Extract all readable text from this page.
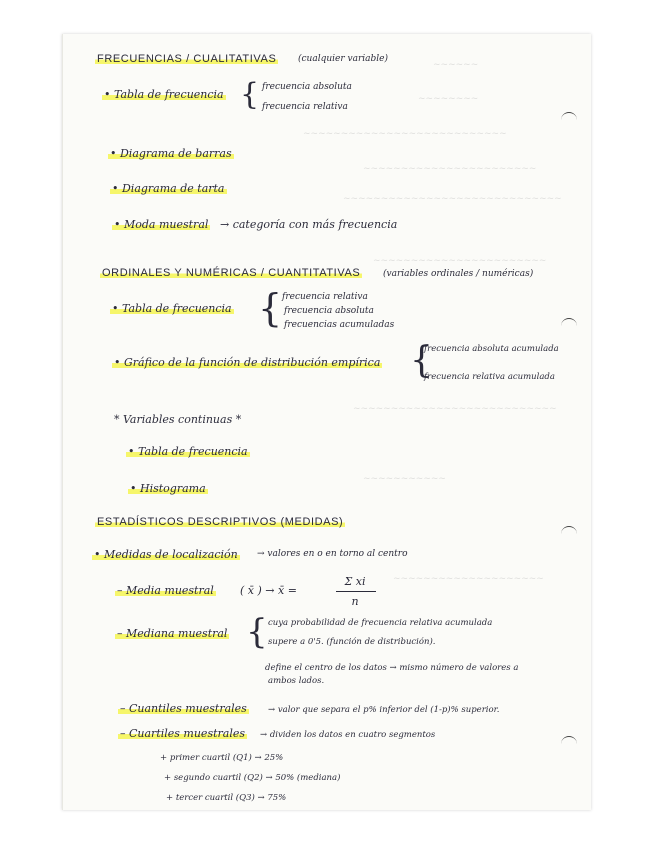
~~~~~~
~~~~~~~~
~~~~~~~~~~~~~~~~~~~~~~~~~~~
~~~~~~~~~~~~~~~~~~~~~~~
~~~~~~~~~~~~~~~~~~~~~~~~~~~~~
~~~~~~~~~~~~~~~~~~~~~~~
~~~~~~~~~~~~~~~~~~~~~~~~~~~
~~~~~~~~~~~
~~~~~~~~~~~~~~~~~~~~
FRECUENCIAS / CUALITATIVAS (cualquier variable)
• Tabla de frecuencia { frecuencia absoluta
frecuencia relativa
• Diagrama de barras
• Diagrama de tarta
• Moda muestral → categoría con más frecuencia
ORDINALES Y NUMÉRICAS / CUANTITATIVAS	(variables ordinales / numéricas)
• Tabla de frecuencia { frecuencia relativa
frecuencia absoluta
frecuencias acumuladas
• Gráfico de la función de distribución empírica {
frecuencia absoluta acumulada
frecuencia relativa acumulada
* Variables continuas *
• Tabla de frecuencia
• Histograma
ESTADÍSTICOS DESCRIPTIVOS (MEDIDAS)
• Medidas de localización → valores en o en torno al centro
– Media muestral ( x̄ ) → x̄ =
Σ xi
n
– Mediana muestral { cuya probabilidad de frecuencia relativa acumulada
supere a 0'5. (función de distribución).
define el centro de los datos → mismo número de valores a
ambos lados.
– Cuantiles muestrales → valor que separa el p% inferior del (1-p)% superior.
– Cuartiles muestrales → dividen los datos en cuatro segmentos
+ primer cuartil (Q1) → 25%
+ segundo cuartil (Q2) → 50% (mediana)
+ tercer cuartil (Q3) → 75%
